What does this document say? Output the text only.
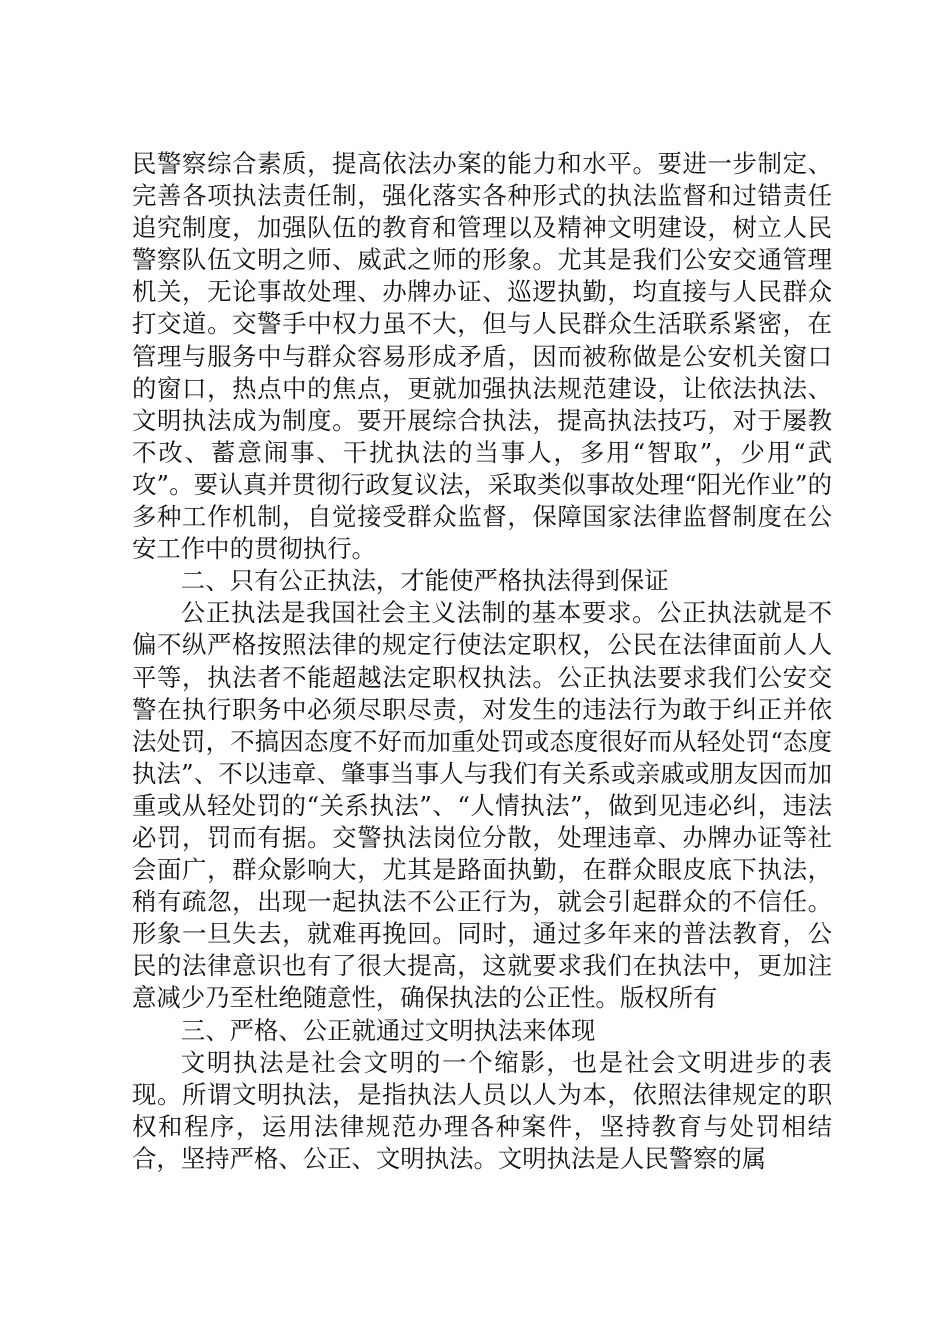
民警察综合素质，提高依法办案的能力和水平。要进一步制定、完善各项执法责任制，强化落实各种形式的执法监督和过错责任追究制度，加强队伍的教育和管理以及精神文明建设，树立人民警察队伍文明之师、威武之师的形象。尤其是我们公安交通管理机关，无论事故处理、办牌办证、巡逻执勤，均直接与人民群众打交道。交警手中权力虽不大，但与人民群众生活联系紧密，在管理与服务中与群众容易形成矛盾，因而被称做是公安机关窗口的窗口，热点中的焦点，更就加强执法规范建设，让依法执法、文明执法成为制度。要开展综合执法，提高执法技巧，对于屡教不改、蓄意闹事、干扰执法的当事人，多用“智取”，少用“武攻”。要认真并贯彻行政复议法，采取类似事故处理“阳光作业”的多种工作机制，自觉接受群众监督，保障国家法律监督制度在公安工作中的贯彻执行。

二、只有公正执法，才能使严格执法得到保证

公正执法是我国社会主义法制的基本要求。公正执法就是不偏不纵严格按照法律的规定行使法定职权，公民在法律面前人人平等，执法者不能超越法定职权执法。公正执法要求我们公安交警在执行职务中必须尽职尽责，对发生的违法行为敢于纠正并依法处罚，不搞因态度不好而加重处罚或态度很好而从轻处罚“态度执法”、不以违章、肇事当事人与我们有关系或亲戚或朋友因而加重或从轻处罚的“关系执法”、“人情执法”，做到见违必纠，违法必罚，罚而有据。交警执法岗位分散，处理违章、办牌办证等社会面广，群众影响大，尤其是路面执勤，在群众眼皮底下执法，稍有疏忽，出现一起执法不公正行为，就会引起群众的不信任。形象一旦失去，就难再挽回。同时，通过多年来的普法教育，公民的法律意识也有了很大提高，这就要求我们在执法中，更加注意减少乃至杜绝随意性，确保执法的公正性。版权所有

三、严格、公正就通过文明执法来体现

文明执法是社会文明的一个缩影，也是社会文明进步的表现。所谓文明执法，是指执法人员以人为本，依照法律规定的职权和程序，运用法律规范办理各种案件，坚持教育与处罚相结合，坚持严格、公正、文明执法。文明执法是人民警察的属
